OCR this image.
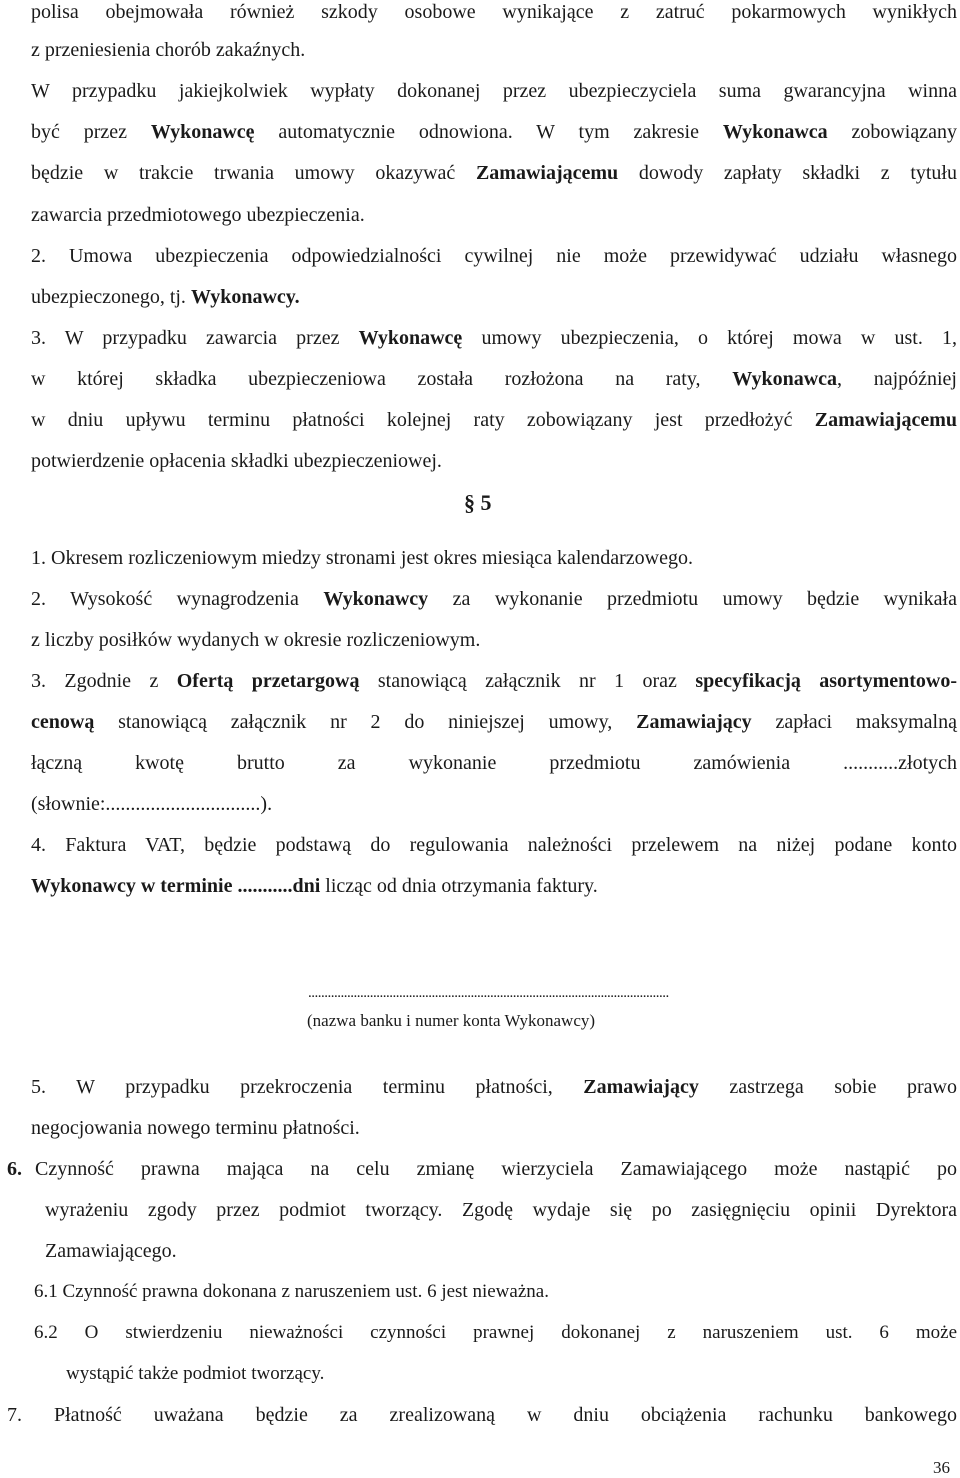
polisa obejmowała również szkody osobowe wynikające z zatruć pokarmowych wynikłych
z przeniesienia chorób zakaźnych.
W przypadku jakiejkolwiek wypłaty dokonanej przez ubezpieczyciela suma gwarancyjna winna
być przez Wykonawcę automatycznie odnowiona. W tym zakresie Wykonawca zobowiązany
będzie w trakcie trwania umowy okazywać Zamawiającemu dowody zapłaty składki z tytułu
zawarcia przedmiotowego ubezpieczenia.
2. Umowa ubezpieczenia odpowiedzialności cywilnej nie może przewidywać udziału własnego
ubezpieczonego, tj. Wykonawcy.
3. W przypadku zawarcia przez Wykonawcę umowy ubezpieczenia, o której mowa w ust. 1,
w której składka ubezpieczeniowa została rozłożona na raty, Wykonawca, najpóźniej
w dniu upływu terminu płatności kolejnej raty zobowiązany jest przedłożyć Zamawiającemu
potwierdzenie opłacenia składki ubezpieczeniowej.
§ 5
1. Okresem rozliczeniowym miedzy stronami jest okres miesiąca kalendarzowego.
2. Wysokość wynagrodzenia Wykonawcy za wykonanie przedmiotu umowy będzie wynikała
z liczby posiłków wydanych w okresie rozliczeniowym.
3. Zgodnie z Ofertą przetargową stanowiącą załącznik nr 1 oraz specyfikacją asortymentowo-
cenową stanowiącą załącznik nr 2 do niniejszej umowy, Zamawiający zapłaci maksymalną
łączną kwotę brutto za wykonanie przedmiotu zamówienia ...........złotych
(słownie:...............................).
4. Faktura VAT, będzie podstawą do regulowania należności przelewem na niżej podane konto
Wykonawcy w terminie ...........dni licząc od dnia otrzymania faktury.
...............................................................................................................
(nazwa banku i numer konta Wykonawcy)
5. W przypadku przekroczenia terminu płatności, Zamawiający zastrzega sobie prawo
negocjowania nowego terminu płatności.
6. Czynność prawna mająca na celu zmianę wierzyciela Zamawiającego może nastąpić po
wyrażeniu zgody przez podmiot tworzący. Zgodę wydaje się po zasięgnięciu opinii Dyrektora
Zamawiającego.
6.1 Czynność prawna dokonana z naruszeniem ust. 6 jest nieważna.
6.2 O stwierdzeniu nieważności czynności prawnej dokonanej z naruszeniem ust. 6 może
wystąpić także podmiot tworzący.
7. Płatność uważana będzie za zrealizowaną w dniu obciążenia rachunku bankowego
36
